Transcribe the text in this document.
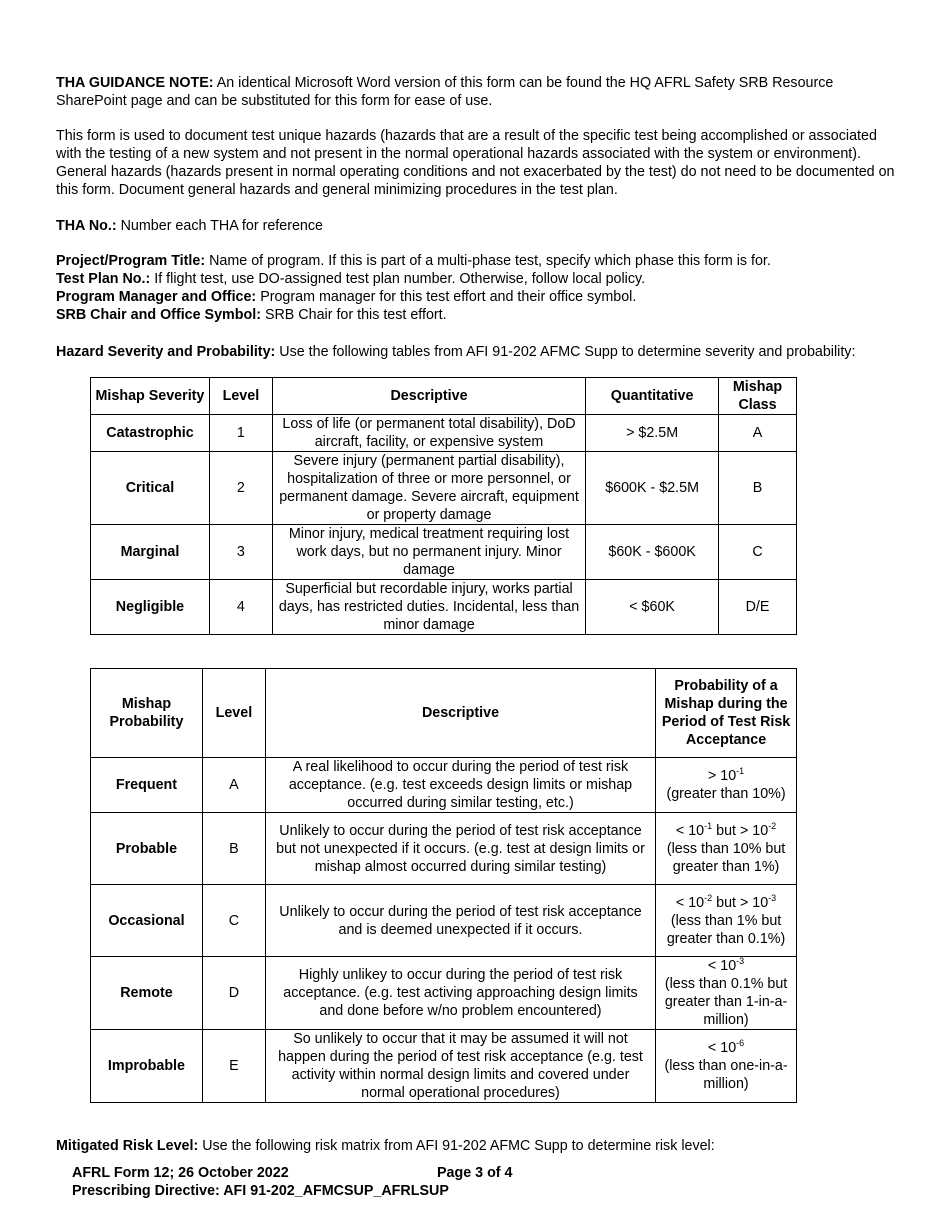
THA GUIDANCE NOTE: An identical Microsoft Word version of this form can be found the HQ AFRL Safety SRB Resource SharePoint page and can be substituted for this form for ease of use.

This form is used to document test unique hazards (hazards that are a result of the specific test being accomplished or associated with the testing of a new system and not present in the normal operational hazards associated with the system or environment). General hazards (hazards present in normal operating conditions and not exacerbated by the test) do not need to be documented on this form. Document general hazards and general minimizing procedures in the test plan.

THA No.: Number each THA for reference

Project/Program Title: Name of program. If this is part of a multi-phase test, specify which phase this form is for.
Test Plan No.: If flight test, use DO-assigned test plan number. Otherwise, follow local policy.
Program Manager and Office: Program manager for this test effort and their office symbol.
SRB Chair and Office Symbol: SRB Chair for this test effort.

Hazard Severity and Probability: Use the following tables from AFI 91-202 AFMC Supp to determine severity and probability:

Mishap Severity	Level	Descriptive	Quantitative	Mishap Class
Catastrophic	1	Loss of life (or permanent total disability), DoD aircraft, facility, or expensive system	> $2.5M	A
Critical	2	Severe injury (permanent partial disability), hospitalization of three or more personnel, or permanent damage. Severe aircraft, equipment or property damage	$600K - $2.5M	B
Marginal	3	Minor injury, medical treatment requiring lost work days, but no permanent injury. Minor damage	$60K - $600K	C
Negligible	4	Superficial but recordable injury, works partial days, has restricted duties. Incidental, less than minor damage	< $60K	D/E
Mishap Probability	Level	Descriptive	Probability of a Mishap during the Period of Test Risk Acceptance
Frequent	A	A real likelihood to occur during the period of test risk acceptance. (e.g. test exceeds design limits or mishap occurred during similar testing, etc.)	> $10^{-1}$
(greater than 10%)
Probable	B	Unlikely to occur during the period of test risk acceptance but not unexpected if it occurs. (e.g. test at design limits or mishap almost occurred during similar testing)	< $10^{-1}$ but > $10^{-2}$
(less than 10% but greater than 1%)
Occasional	C	Unlikely to occur during the period of test risk acceptance and is deemed unexpected if it occurs.	< $10^{-2}$ but > $10^{-3}$
(less than 1% but greater than 0.1%)
Remote	D	Highly unlikey to occur during the period of test risk acceptance. (e.g. test activing approaching design limits and done before w/no problem encountered)	< $10^{-3}$
(less than 0.1% but greater than 1-in-a-million)
Improbable	E	So unlikely to occur that it may be assumed it will not happen during the period of test risk acceptance (e.g. test activity within normal design limits and covered under normal operational procedures)	< $10^{-6}$
(less than one-in-a-million)

Mitigated Risk Level: Use the following risk matrix from AFI 91-202 AFMC Supp to determine risk level:

AFRL Form 12; 26 October 2022	Page 3 of 4
Prescribing Directive: AFI 91-202_AFMCSUP_AFRLSUP
